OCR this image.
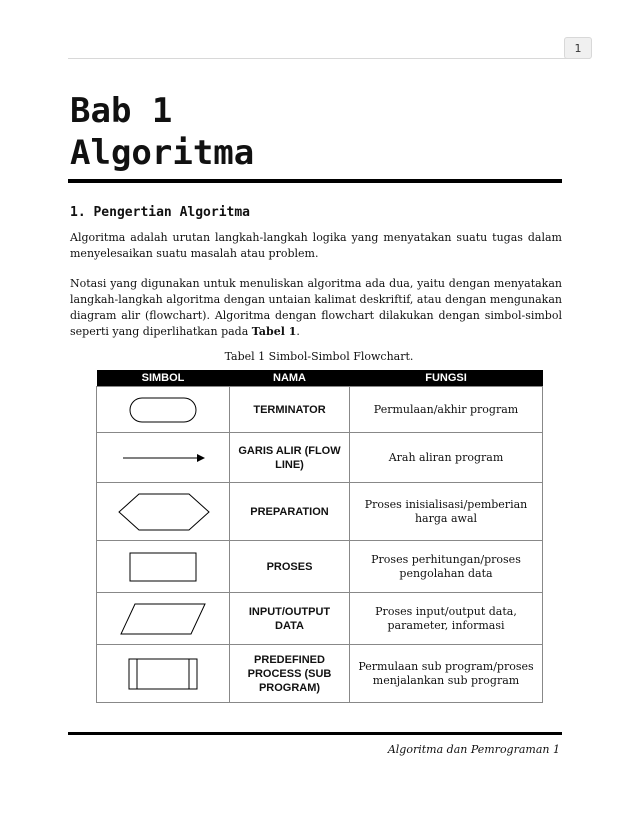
1
Bab 1
Algoritma
1. Pengertian Algoritma

Algoritma adalah urutan langkah-langkah logika yang menyatakan suatu tugas dalam menyelesaikan suatu masalah atau problem.

Notasi yang digunakan untuk menuliskan algoritma ada dua, yaitu dengan menyatakan langkah-langkah algoritma dengan untaian kalimat deskriftif, atau dengan mengunakan diagram alir (flowchart). Algoritma dengan flowchart dilakukan dengan simbol-simbol seperti yang diperlihatkan pada Tabel 1.

Tabel 1 Simbol-Simbol Flowchart.

SIMBOL	NAMA	FUNGSI

	TERMINATOR	Permulaan/akhir program

	GARIS ALIR (FLOW LINE)	Arah aliran program

	PREPARATION	Proses inisialisasi/pemberian harga awal

	PROSES	Proses perhitungan/proses pengolahan data

	INPUT/OUTPUT DATA	Proses input/output data, parameter, informasi

	PREDEFINED PROCESS (SUB PROGRAM)	Permulaan sub program/proses menjalankan sub program

Algoritma dan Pemrograman 1
